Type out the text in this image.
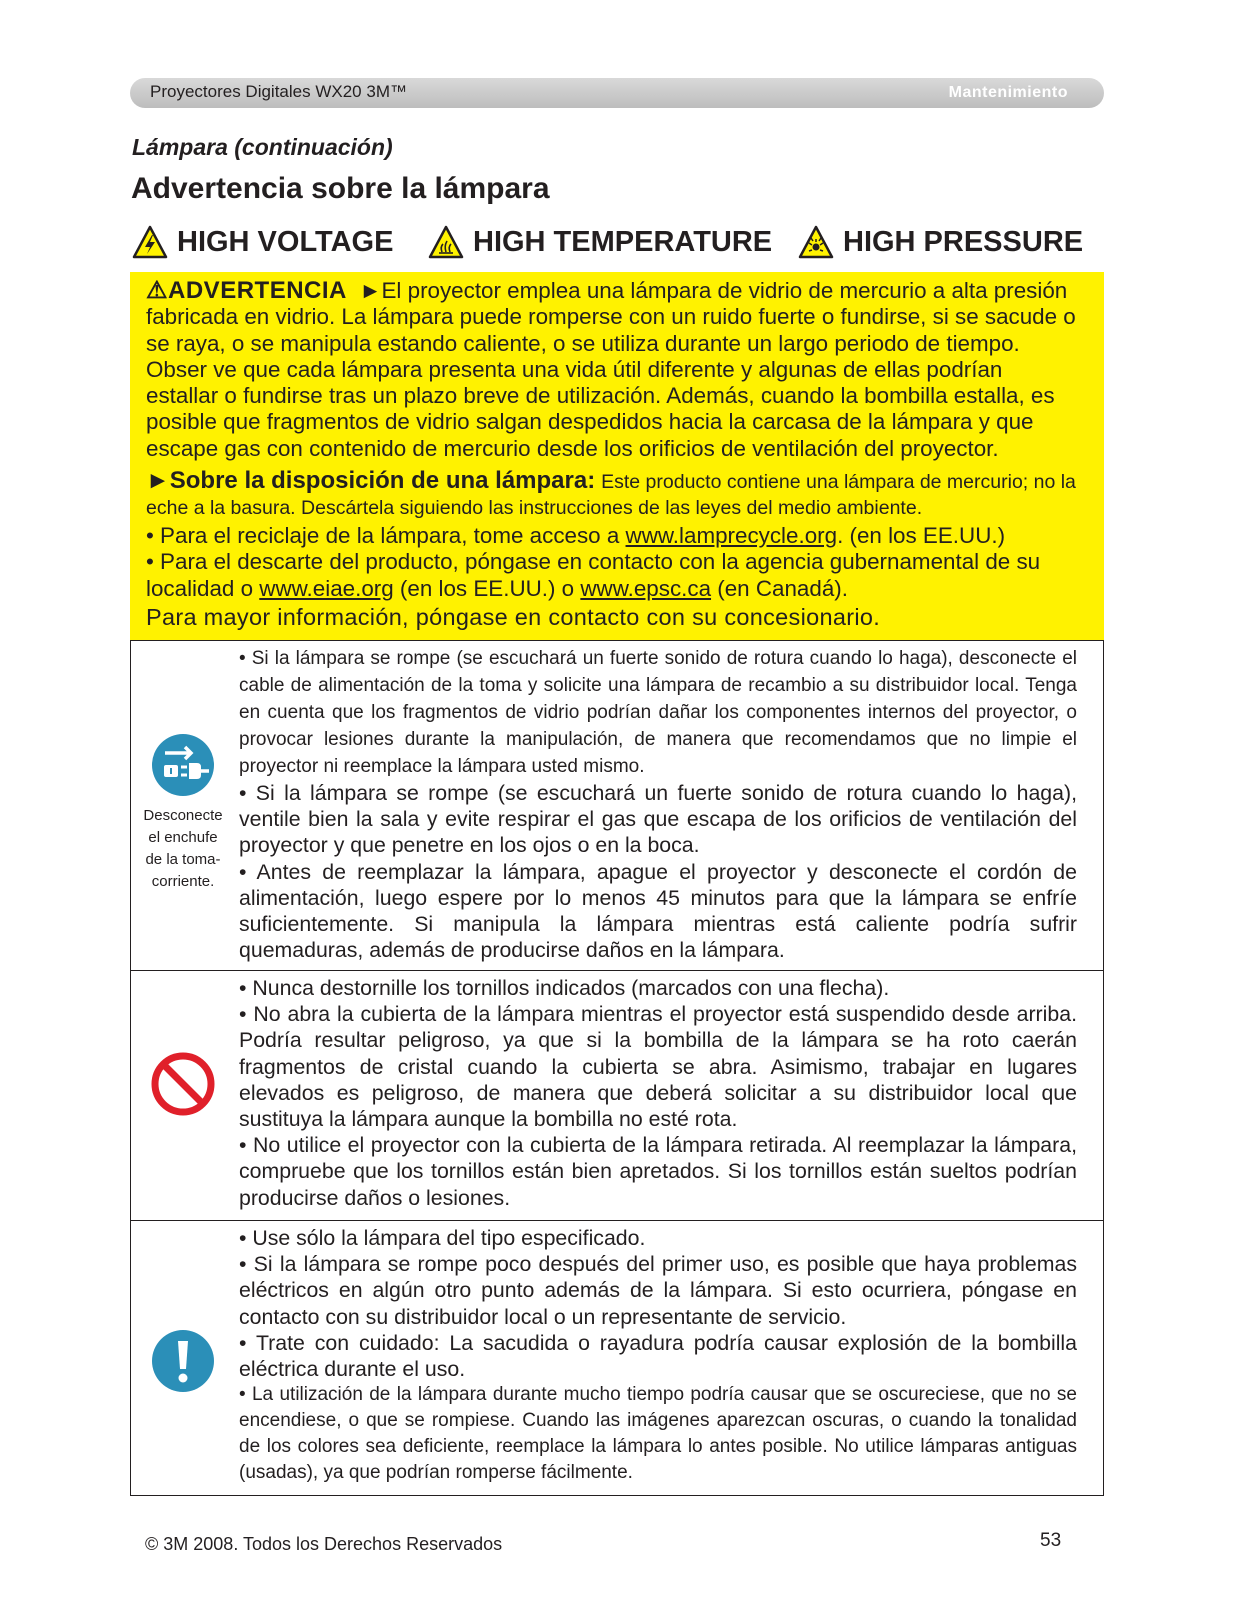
Proyectores Digitales WX20 3M™	Mantenimiento
Lámpara (continuación)
Advertencia sobre la lámpara
HIGH VOLTAGE	HIGH TEMPERATURE HIGH PRESSURE

⚠ADVERTENCIA ►El proyector emplea una lámpara de vidrio de mercurio a alta presión fabricada en vidrio. La lámpara puede romperse con un ruido fuerte o fundirse, si se sacude o se raya, o se manipula estando caliente, o se utiliza durante un largo periodo de tiempo. Obser ve que cada lámpara presenta una vida útil diferente y algunas de ellas podrían estallar o fundirse tras un plazo breve de utilización. Además, cuando la bombilla estalla, es posible que fragmentos de vidrio salgan despedidos hacia la carcasa de la lámpara y que escape gas con contenido de mercurio desde los orificios de ventilación del proyector.

►Sobre la disposición de una lámpara: Este producto contiene una lámpara de mercurio; no la eche a la basura. Descártela siguiendo las instrucciones de las leyes del medio ambiente.

• Para el reciclaje de la lámpara, tome acceso a www.lamprecycle.org. (en los EE.UU.)

• Para el descarte del producto, póngase en contacto con la agencia gubernamental de su localidad o www.eiae.org (en los EE.UU.) o www.epsc.ca (en Canadá).

Para mayor información, póngase en contacto con su concesionario.

Desconecte
el enchufe
de la toma-
corriente.

• Si la lámpara se rompe (se escuchará un fuerte sonido de rotura cuando lo haga), desconecte el cable de alimentación de la toma y solicite una lámpara de recambio a su distribuidor local. Tenga en cuenta que los fragmentos de vidrio podrían dañar los componentes internos del proyector, o provocar lesiones durante la manipulación, de manera que recomendamos que no limpie el proyector ni reemplace la lámpara usted mismo.

• Si la lámpara se rompe (se escuchará un fuerte sonido de rotura cuando lo haga), ventile bien la sala y evite respirar el gas que escapa de los orificios de ventilación del proyector y que penetre en los ojos o en la boca.

• Antes de reemplazar la lámpara, apague el proyector y desconecte el cordón de alimentación, luego espere por lo menos 45 minutos para que la lámpara se enfríe suficientemente. Si manipula la lámpara mientras está caliente podría sufrir quemaduras, además de producirse daños en la lámpara.

• Nunca destornille los tornillos indicados (marcados con una flecha).

• No abra la cubierta de la lámpara mientras el proyector está suspendido desde arriba. Podría resultar peligroso, ya que si la bombilla de la lámpara se ha roto caerán fragmentos de cristal cuando la cubierta se abra. Asimismo, trabajar en lugares elevados es peligroso, de manera que deberá solicitar a su distribuidor local que sustituya la lámpara aunque la bombilla no esté rota.

• No utilice el proyector con la cubierta de la lámpara retirada. Al reemplazar la lámpara, compruebe que los tornillos están bien apretados. Si los tornillos están sueltos podrían producirse daños o lesiones.

• Use sólo la lámpara del tipo especificado.

• Si la lámpara se rompe poco después del primer uso, es posible que haya problemas eléctricos en algún otro punto además de la lámpara. Si esto ocurriera, póngase en contacto con su distribuidor local o un representante de servicio.

• Trate con cuidado: La sacudida o rayadura podría causar explosión de la bombilla eléctrica durante el uso.

• La utilización de la lámpara durante mucho tiempo podría causar que se oscureciese, que no se encendiese, o que se rompiese. Cuando las imágenes aparezcan oscuras, o cuando la tonalidad de los colores sea deficiente, reemplace la lámpara lo antes posible. No utilice lámparas antiguas (usadas), ya que podrían romperse fácilmente.

© 3M 2008. Todos los Derechos Reservados	53
